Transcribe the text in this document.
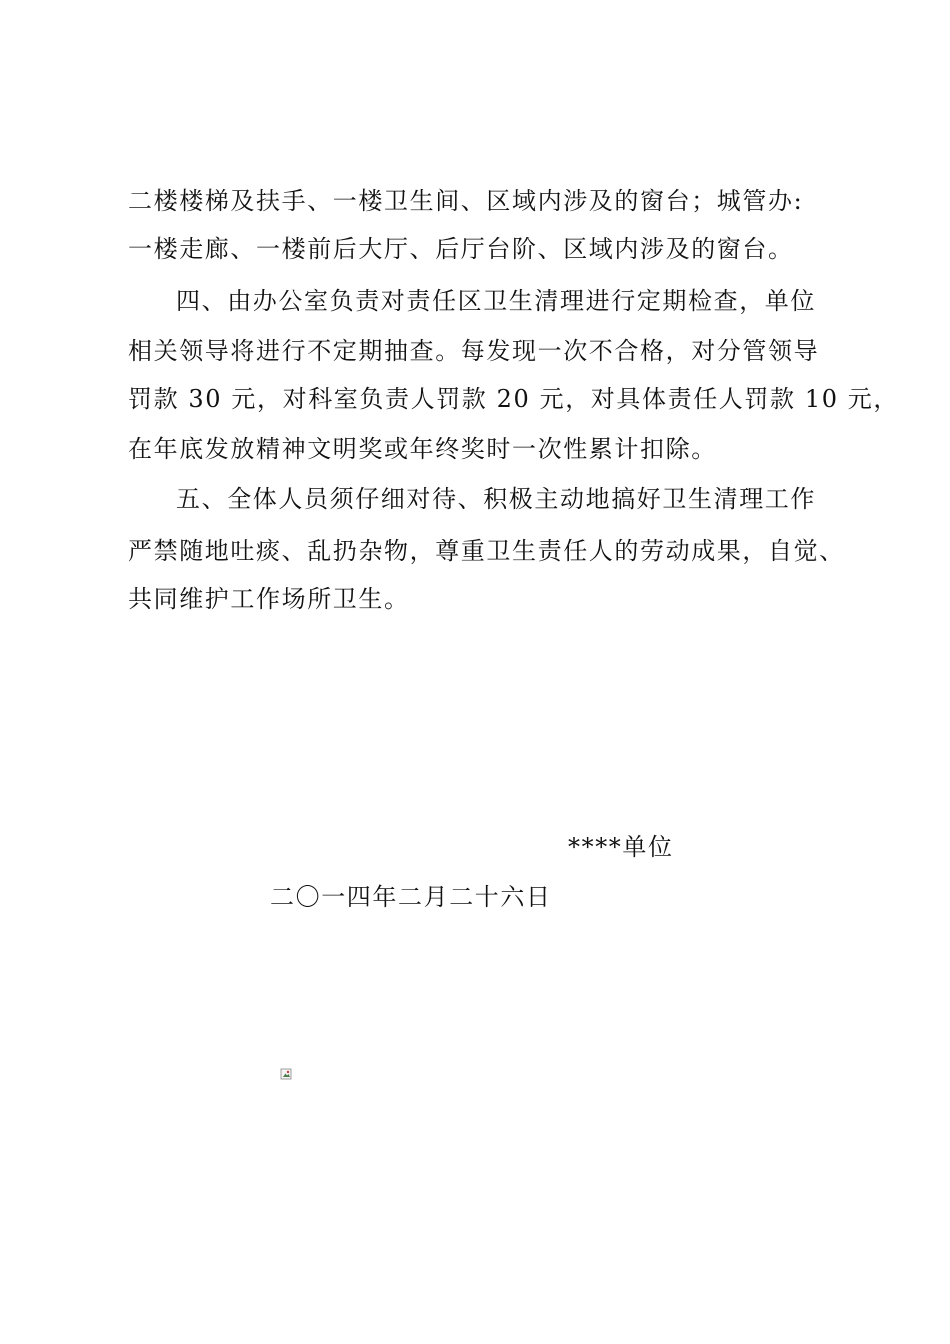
二楼楼梯及扶手、一楼卫生间、区域内涉及的窗台；城管办:
一楼走廊、一楼前后大厅、后厅台阶、区域内涉及的窗台。
四、由办公室负责对责任区卫生清理进行定期检查，单位
相关领导将进行不定期抽查。每发现一次不合格，对分管领导
罚款 30 元，对科室负责人罚款 20 元，对具体责任人罚款 10 元，
在年底发放精神文明奖或年终奖时一次性累计扣除。
五、全体人员须仔细对待、积极主动地搞好卫生清理工作
严禁随地吐痰、乱扔杂物，尊重卫生责任人的劳动成果，自觉、
共同维护工作场所卫生。
****单位
二〇一四年二月二十六日
